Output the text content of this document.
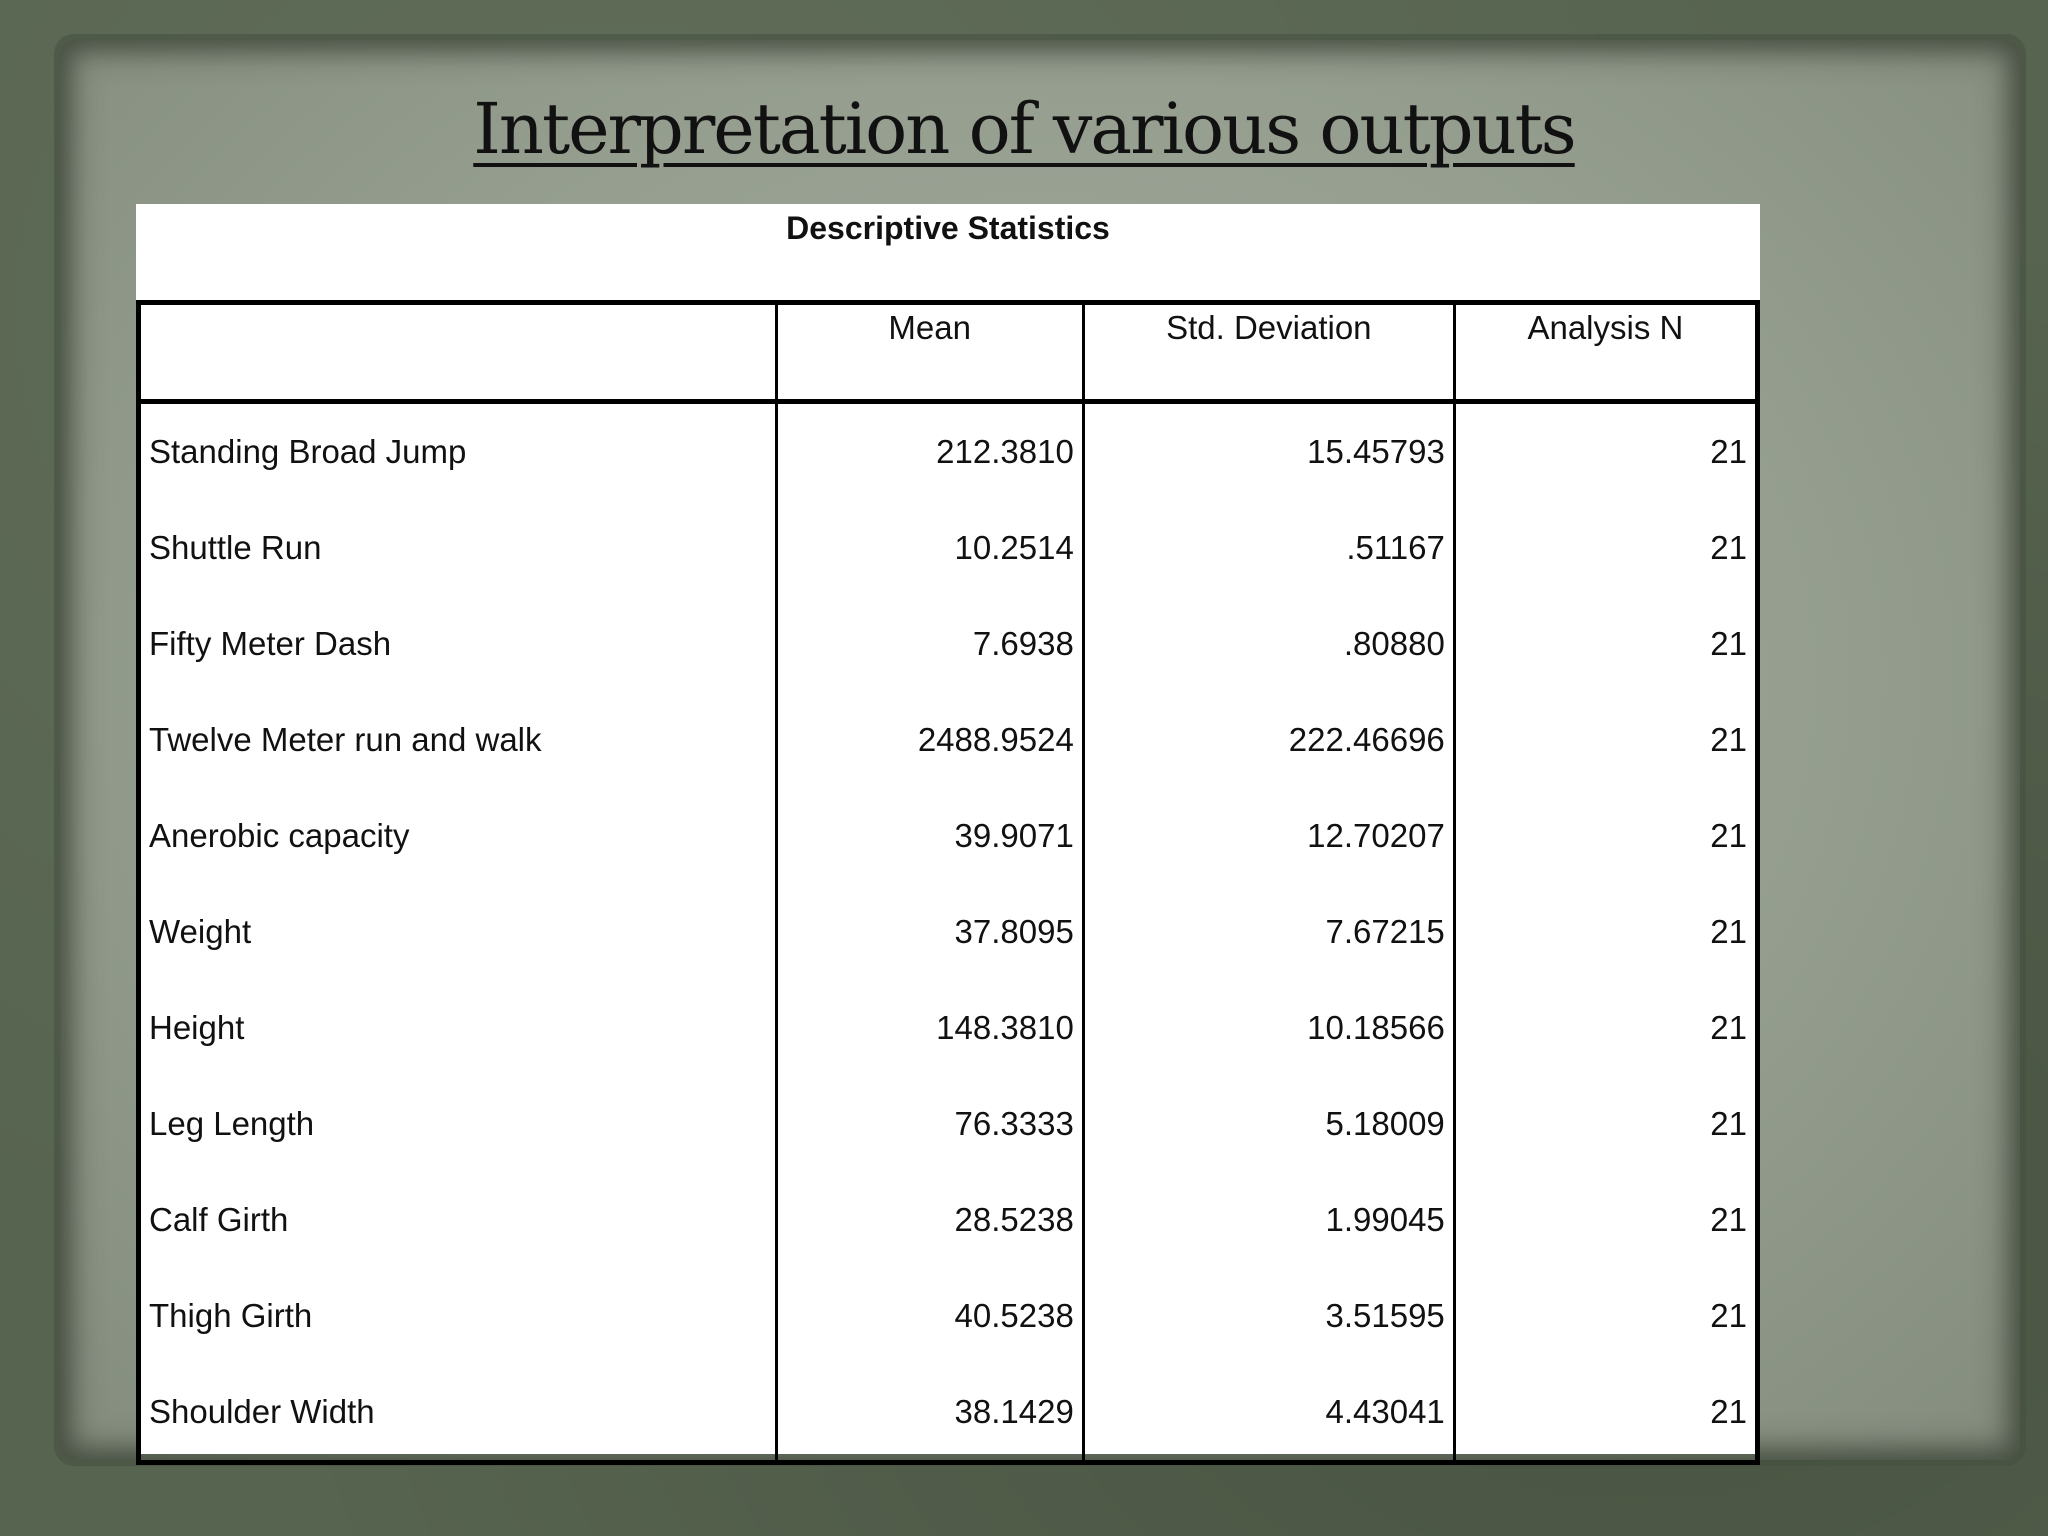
Interpretation of various outputs
Descriptive Statistics
	Mean	Std. Deviation	Analysis N
Standing Broad Jump	212.3810	15.45793	21
Shuttle Run	10.2514	.51167	21
Fifty Meter Dash	7.6938	.80880	21
Twelve Meter run and walk	2488.9524	222.46696	21
Anerobic capacity	39.9071	12.70207	21
Weight	37.8095	7.67215	21
Height	148.3810	10.18566	21
Leg Length	76.3333	5.18009	21
Calf Girth	28.5238	1.99045	21
Thigh Girth	40.5238	3.51595	21
Shoulder Width	38.1429	4.43041	21
